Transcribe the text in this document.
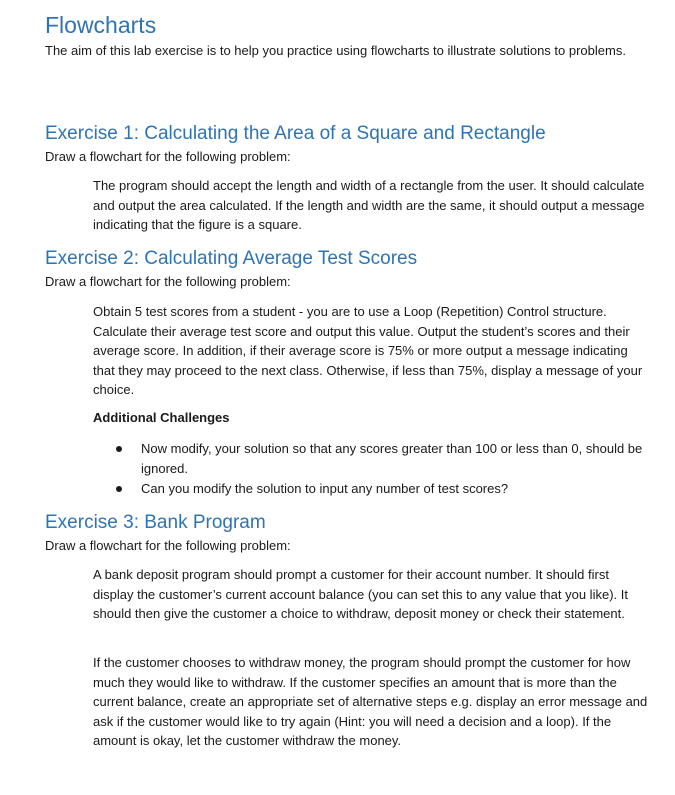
Flowcharts

The aim of this lab exercise is to help you practice using flowcharts to illustrate solutions to problems.

Exercise 1: Calculating the Area of a Square and Rectangle

Draw a flowchart for the following problem:

The program should accept the length and width of a rectangle from the user. It should calculate and output the area calculated. If the length and width are the same, it should output a message indicating that the figure is a square.

Exercise 2: Calculating Average Test Scores

Draw a flowchart for the following problem:

Obtain 5 test scores from a student - you are to use a Loop (Repetition) Control structure. Calculate their average test score and output this value. Output the student’s scores and their average score. In addition, if their average score is 75% or more output a message indicating that they may proceed to the next class. Otherwise, if less than 75%, display a message of your choice.

Additional Challenges

Now modify, your solution so that any scores greater than 100 or less than 0, should be ignored.
Can you modify the solution to input any number of test scores?
Exercise 3: Bank Program

Draw a flowchart for the following problem:

A bank deposit program should prompt a customer for their account number. It should first display the customer’s current account balance (you can set this to any value that you like). It should then give the customer a choice to withdraw, deposit money or check their statement.

If the customer chooses to withdraw money, the program should prompt the customer for how much they would like to withdraw. If the customer specifies an amount that is more than the current balance, create an appropriate set of alternative steps e.g. display an error message and ask if the customer would like to try again (Hint: you will need a decision and a loop). If the amount is okay, let the customer withdraw the money.
